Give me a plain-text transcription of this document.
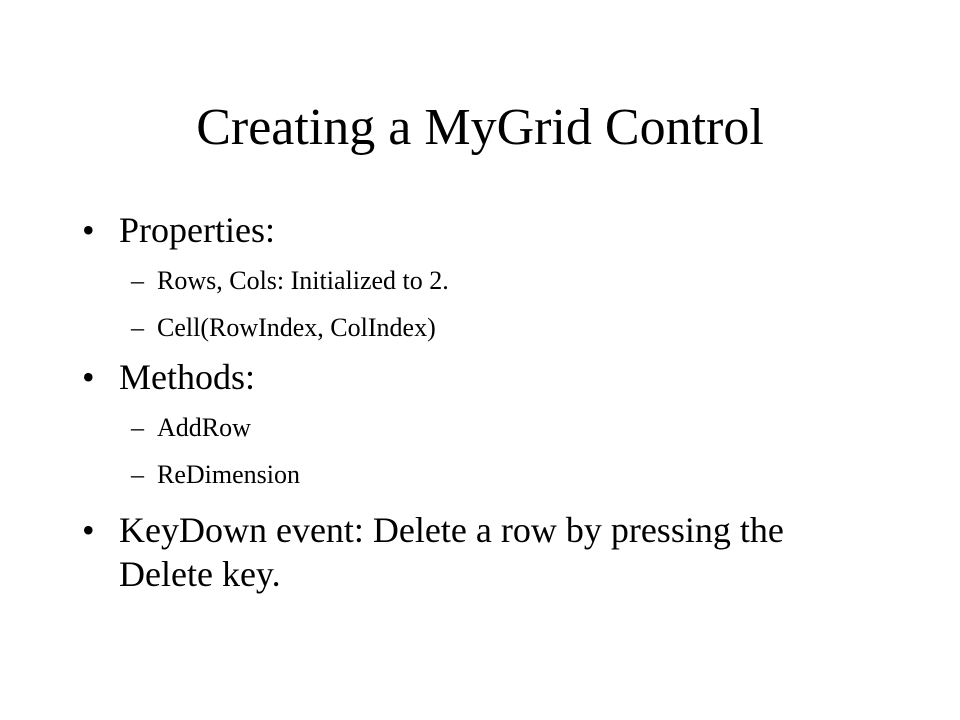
Creating a MyGrid Control
• Properties:
– Rows, Cols: Initialized to 2.
– Cell(RowIndex, ColIndex)
• Methods:
– AddRow
– ReDimension
• KeyDown event: Delete a row by pressing the Delete key.
